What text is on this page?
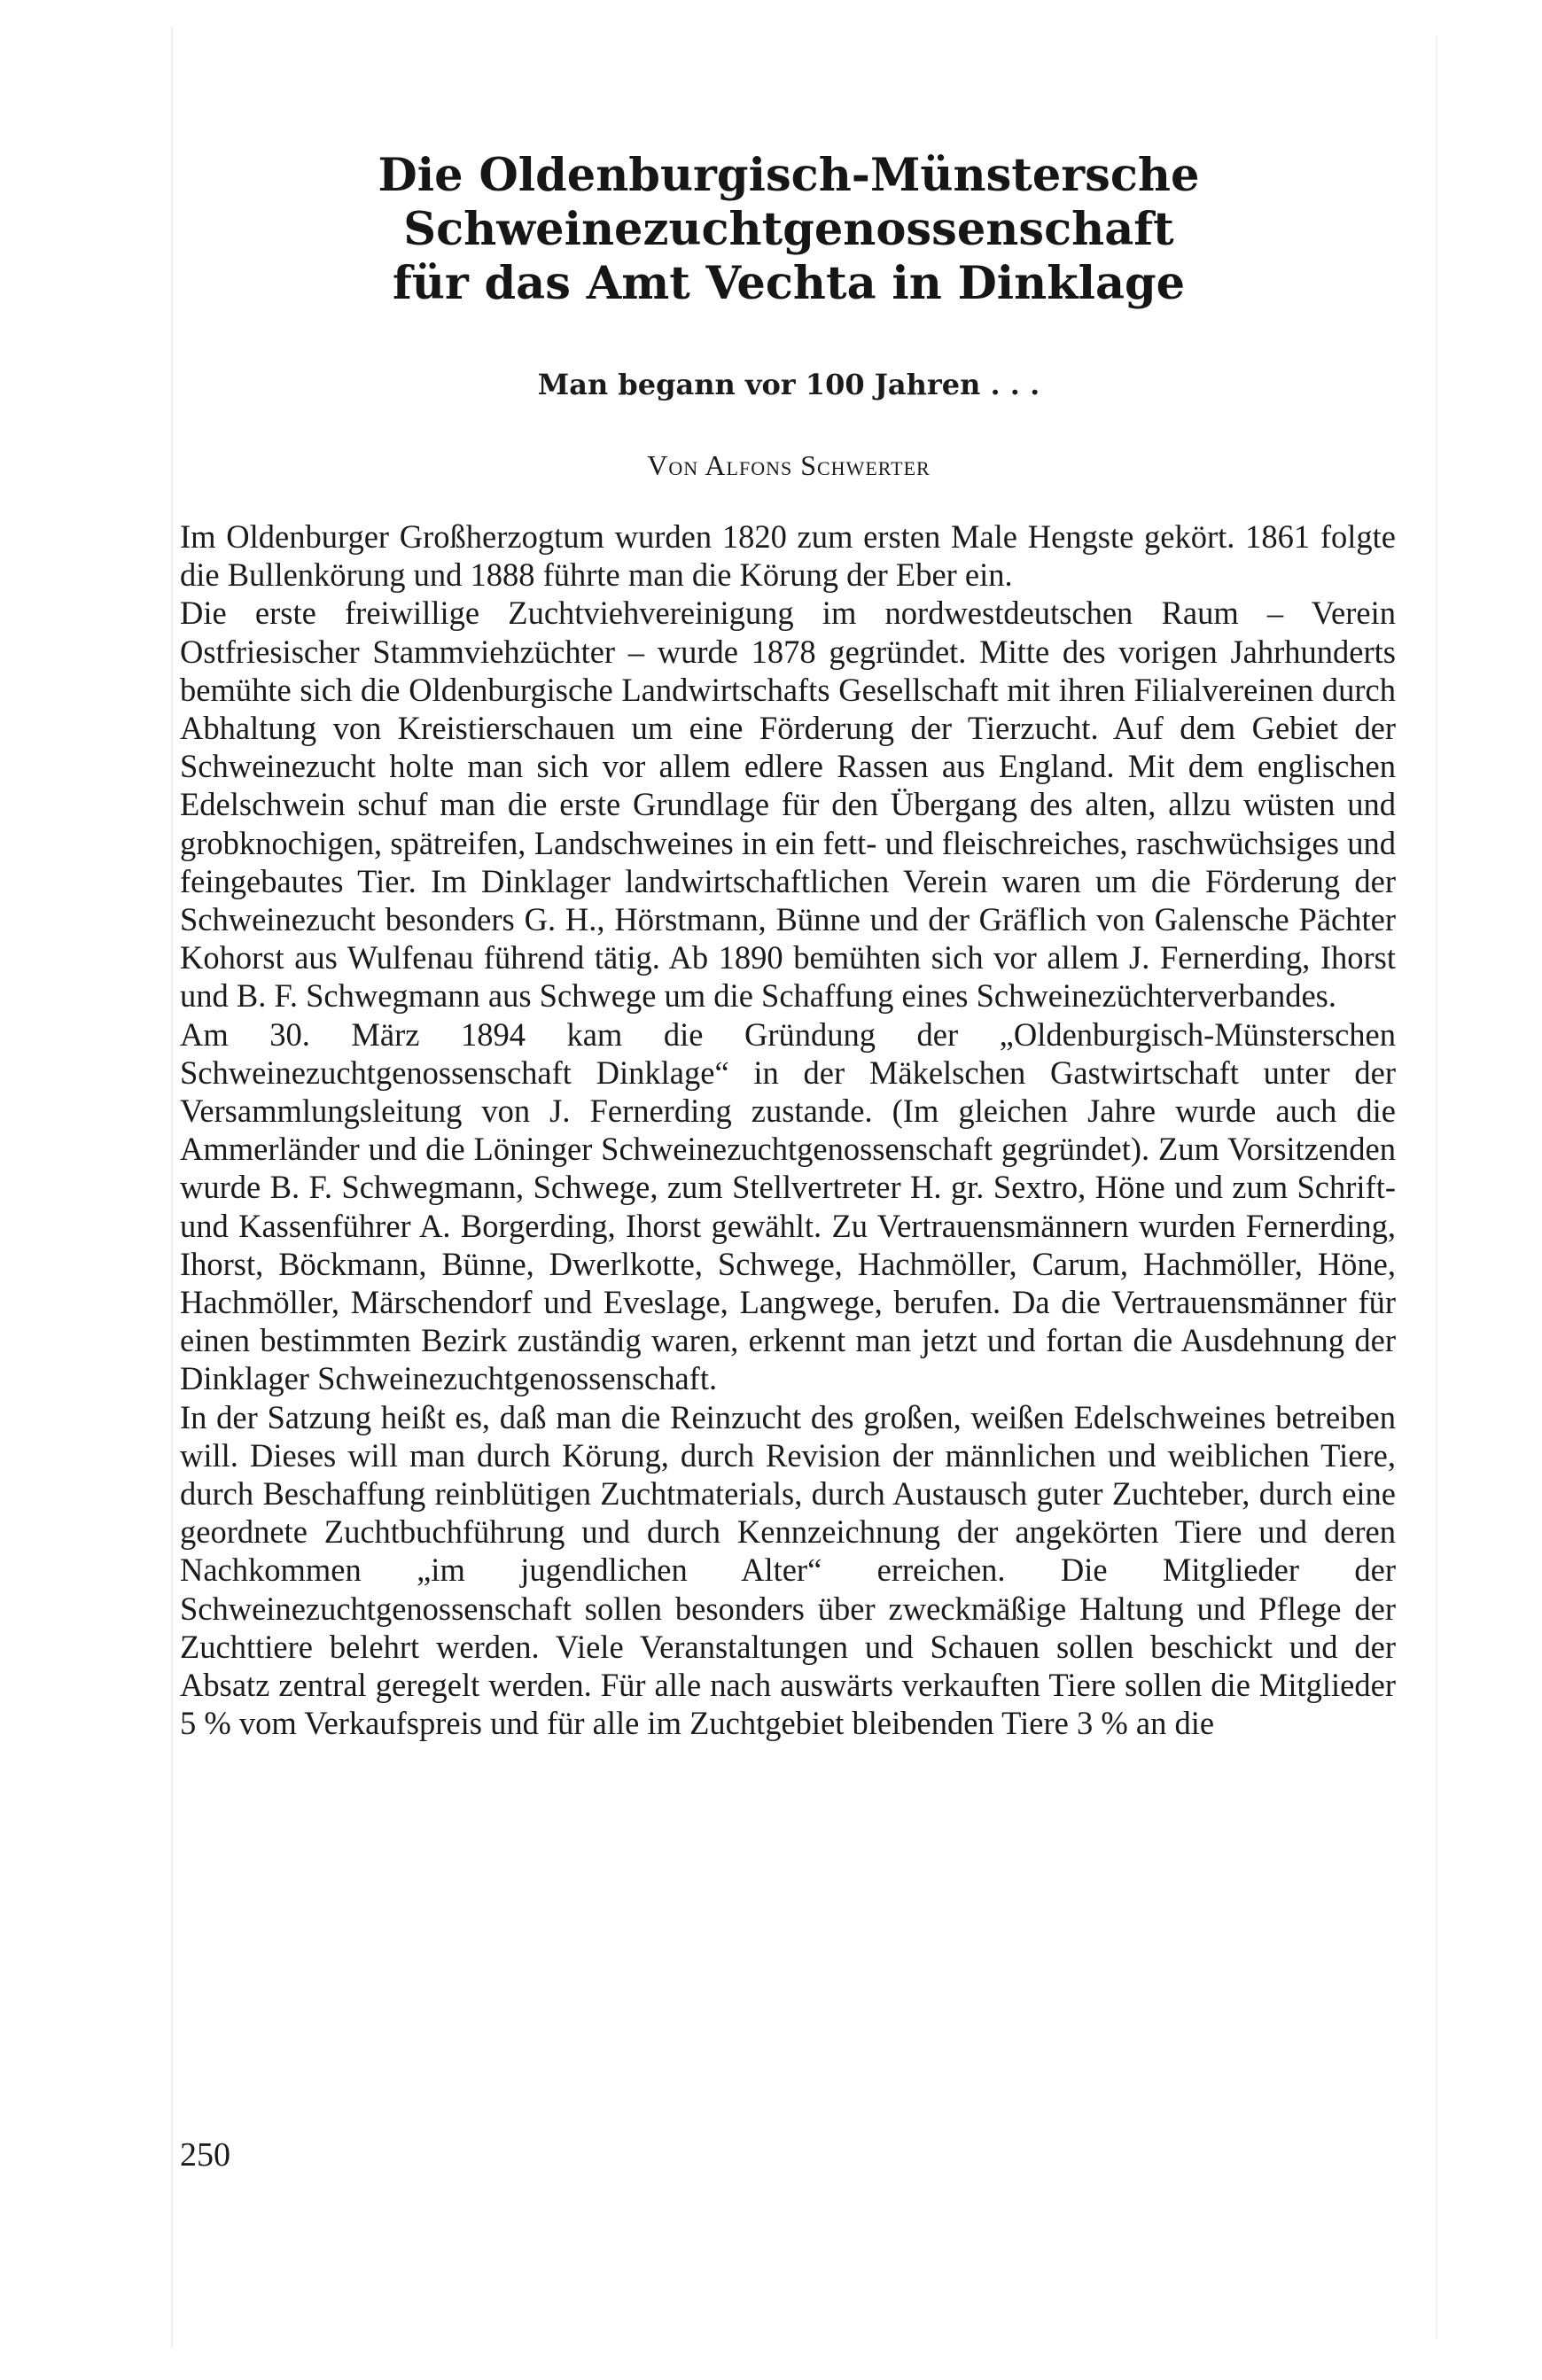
Die Oldenburgisch-Münstersche
Schweinezuchtgenossenschaft
für das Amt Vechta in Dinklage

Man begann vor 100 Jahren . . .

Von Alfons Schwerter

Im Oldenburger Großherzogtum wurden 1820 zum ersten Male Hengste gekört. 1861 folgte die Bullenkörung und 1888 führte man die Körung der Eber ein.

Die erste freiwillige Zuchtviehvereinigung im nordwestdeutschen Raum – Verein Ostfriesischer Stammviehzüchter – wurde 1878 gegründet. Mitte des vorigen Jahrhunderts bemühte sich die Oldenburgische Landwirtschafts Gesellschaft mit ihren Filialvereinen durch Abhaltung von Kreistierschauen um eine Förderung der Tierzucht. Auf dem Gebiet der Schweinezucht holte man sich vor allem edlere Rassen aus England. Mit dem englischen Edelschwein schuf man die erste Grundlage für den Übergang des alten, allzu wüsten und grobknochigen, spätreifen, Landschweines in ein fett- und fleischreiches, raschwüchsiges und feingebautes Tier. Im Dinklager landwirtschaftlichen Verein waren um die Förderung der Schweinezucht besonders G. H., Hörstmann, Bünne und der Gräflich von Galensche Pächter Kohorst aus Wulfenau führend tätig. Ab 1890 bemühten sich vor allem J. Fernerding, Ihorst und B. F. Schwegmann aus Schwege um die Schaffung eines Schweinezüchterverbandes.

Am 30. März 1894 kam die Gründung der „Oldenburgisch-Münsterschen Schweinezuchtgenossenschaft Dinklage“ in der Mäkelschen Gastwirtschaft unter der Versammlungsleitung von J. Fernerding zustande. (Im gleichen Jahre wurde auch die Ammerländer und die Löninger Schweinezuchtgenossenschaft gegründet). Zum Vorsitzenden wurde B. F. Schwegmann, Schwege, zum Stellvertreter H. gr. Sextro, Höne und zum Schrift- und Kassenführer A. Borgerding, Ihorst gewählt. Zu Vertrauensmännern wurden Fernerding, Ihorst, Böckmann, Bünne, Dwerlkotte, Schwege, Hachmöller, Carum, Hachmöller, Höne, Hachmöller, Märschendorf und Eveslage, Langwege, berufen. Da die Vertrauensmänner für einen bestimmten Bezirk zuständig waren, erkennt man jetzt und fortan die Ausdehnung der Dinklager Schweinezuchtgenossenschaft.

In der Satzung heißt es, daß man die Reinzucht des großen, weißen Edelschweines betreiben will. Dieses will man durch Körung, durch Revision der männlichen und weiblichen Tiere, durch Beschaffung reinblütigen Zuchtmaterials, durch Austausch guter Zuchteber, durch eine geordnete Zuchtbuchführung und durch Kennzeichnung der angekörten Tiere und deren Nachkommen „im jugendlichen Alter“ erreichen. Die Mitglieder der Schweinezuchtgenossenschaft sollen besonders über zweckmäßige Haltung und Pflege der Zuchttiere belehrt werden. Viele Veranstaltungen und Schauen sollen beschickt und der Absatz zentral geregelt werden. Für alle nach auswärts verkauften Tiere sollen die Mitglieder 5 % vom Verkaufspreis und für alle im Zuchtgebiet bleibenden Tiere 3 % an die

250
